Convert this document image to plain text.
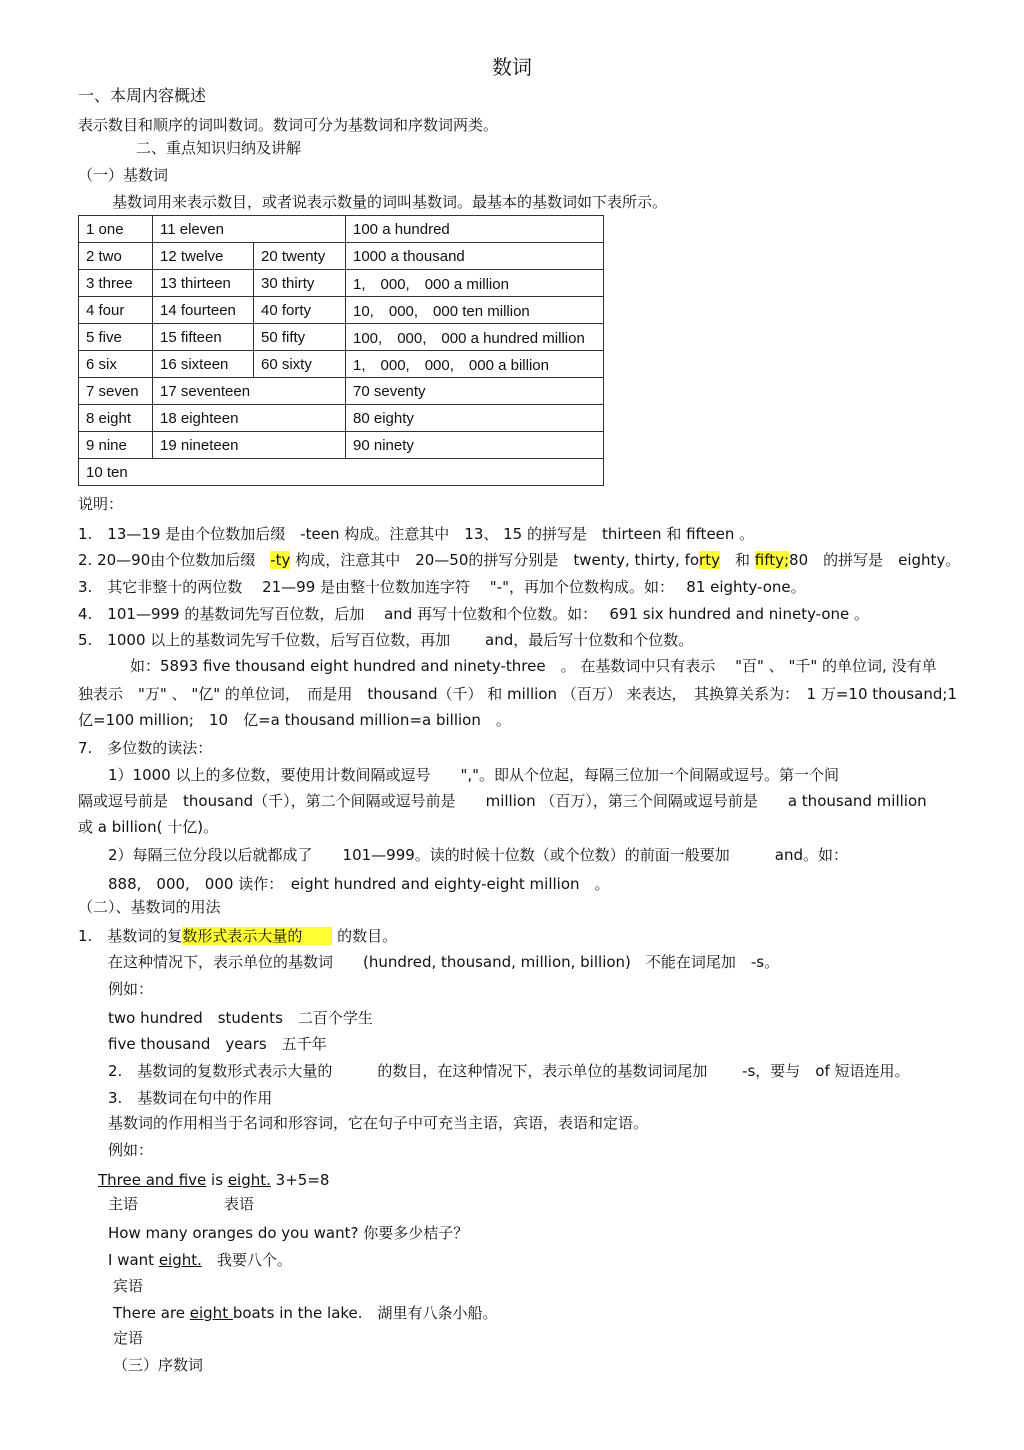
数词
一、本周内容概述
表示数目和顺序的词叫数词。数词可分为基数词和序数词两类。
二、重点知识归纳及讲解
（一）基数词
基数词用来表示数目，或者说表示数量的词叫基数词。最基本的基数词如下表所示。
1 one	11 eleven		100 a hundred
2 two	12 twelve	20 twenty	1000 a thousand
3 three	13 thirteen	30 thirty	1,　000,　000 a million
4 four	14 fourteen	40 forty	10,　000,　000 ten million
5 five	15 fifteen	50 fifty	100,　000,　000 a hundred million
6 six	16 sixteen	60 sixty	1,　000,　000,　000 a billion
7 seven	17 seventeen		70 seventy
8 eight	18 eighteen		80 eighty
9 nine	19 nineteen		90 ninety
10 ten			
说明：
1.　13—19 是由个位数加后缀　-teen 构成。注意其中　13、 15 的拼写是　thirteen 和 fifteen 。
2. 20—90由个位数加后缀　-ty 构成，注意其中　20—50的拼写分别是　twenty, thirty, forty　和 fifty;80　的拼写是　eighty。
3.　其它非整十的两位数　 21—99 是由整十位数加连字符　 "-"，再加个位数构成。如：　 81 eighty-one。
4.　101—999 的基数词先写百位数，后加　 and 再写十位数和个位数。如：　 691 six hundred and ninety-one 。
5.　1000 以上的基数词先写千位数，后写百位数，再加　　 and，最后写十位数和个位数。
如：5893 five thousand eight hundred and ninety-three　。 在基数词中只有表示　 "百" 、 "千" 的单位词, 没有单
独表示　"万" 、 "亿" 的单位词，　而是用　thousand（千） 和 million （百万） 来表达，　其换算关系为：　1 万=10 thousand;1
亿=100 million;　10　亿=a thousand million=a billion　。
7.　多位数的读法：
1）1000 以上的多位数，要使用计数间隔或逗号　　","。即从个位起，每隔三位加一个间隔或逗号。第一个间
隔或逗号前是　thousand（千），第二个间隔或逗号前是　　million （百万），第三个间隔或逗号前是　　a thousand million
或 a billion( 十亿)。
2）每隔三位分段以后就都成了　　101—999。读的时候十位数（或个位数）的前面一般要加　　　and。如：
888,　000,　000 读作：　eight hundred and eighty-eight million　。
（二）、基数词的用法
1.　基数词的复数形式表示大量的　　 的数目。
在这种情况下，表示单位的基数词　　(hundred, thousand, million, billion)　不能在词尾加　-s。
例如：
two hundred　students　二百个学生
five thousand　years　五千年
2.　基数词的复数形式表示大量的　　　的数目，在这种情况下，表示单位的基数词词尾加　　 -s，要与　of 短语连用。
3.　基数词在句中的作用
基数词的作用相当于名词和形容词，它在句子中可充当主语，宾语，表语和定语。
例如：
Three and five is eight. 3+5=8
主语	表语
How many oranges do you want? 你要多少桔子？
I want eight.　我要八个。
宾语
There are eight boats in the lake.　湖里有八条小船。
定语
（三）序数词
